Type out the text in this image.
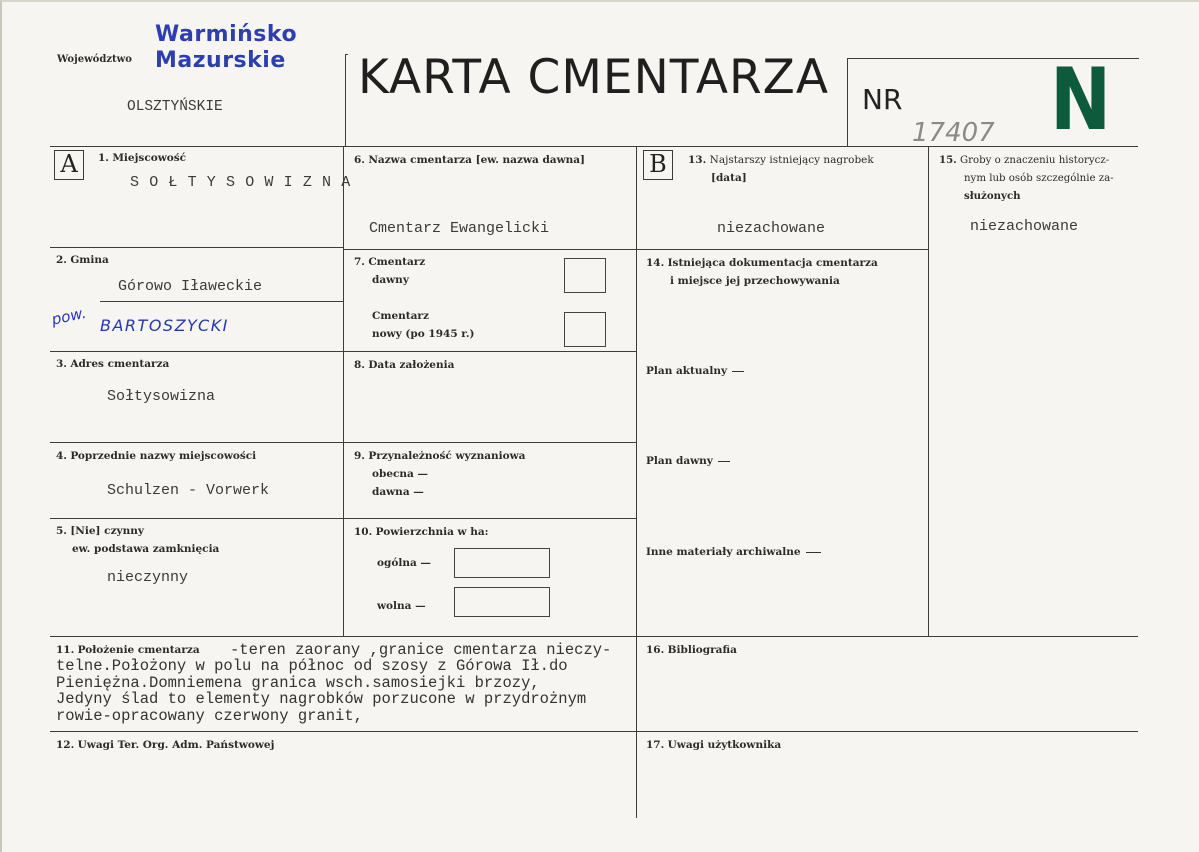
Województwo
Warmińsko
Mazurskie
OLSZTYŃSKIE
KARTA CMENTARZA NR
17407 N
A	1. Miejscowość
SOŁTYSOWIZNA
2. Gmina
Górowo Iławeckie
pow. BARTOSZYCKI
3. Adres cmentarza
Sołtysowizna
4. Poprzednie nazwy miejscowości
Schulzen - Vorwerk
5. [Nie] czynny
ew. podstawa zamknięcia
nieczynny
6. Nazwa cmentarza [ew. nazwa dawna]
Cmentarz Ewangelicki
7. Cmentarz
dawny
Cmentarz
nowy (po 1945 r.)
8. Data założenia
9. Przynależność wyznaniowa
obecna —
dawna —
10. Powierzchnia w ha:
ogólna —
wolna —
B	13. Najstarszy istniejący nagrobek
[data]
niezachowane
14. Istniejąca dokumentacja cmentarza
i miejsce jej przechowywania
Plan aktualny
Plan dawny
Inne materiały archiwalne
15. Groby o znaczeniu historycz-
nym lub osób szczególnie za-
służonych
niezachowane
11. Położenie cmentarza -teren zaorany ,granice cmentarza nieczy-
telne.Położony w polu na północ od szosy z Górowa Ił.do
Pieniężna.Domniemena granica wsch.samosiejki brzozy,
Jedyny ślad to elementy nagrobków porzucone w przydrożnym
rowie-opracowany czerwony granit,
16. Bibliografia
12. Uwagi Ter. Org. Adm. Państwowej	17. Uwagi użytkownika
